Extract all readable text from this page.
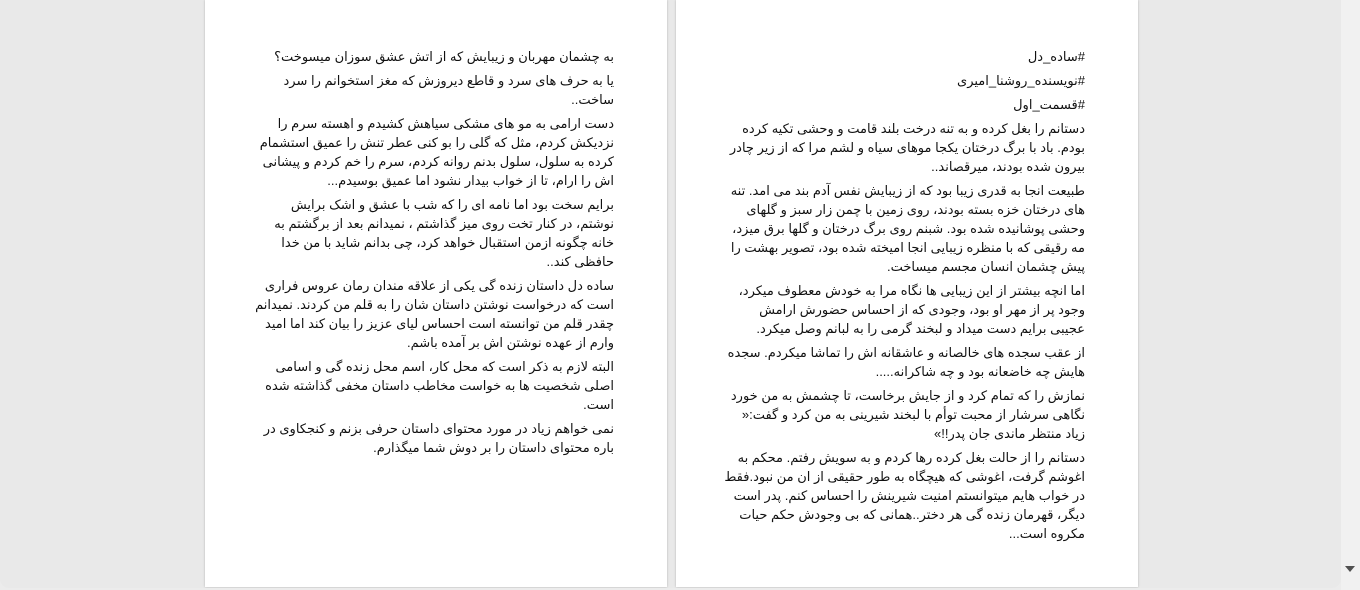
به چشمان مهربان و زیبایش که از اتش عشق سوزان میسوخت؟

یا به حرف های سرد و قاطع دیروزش که مغز استخوانم را سرد ساخت..

دست ارامی به مو های مشکی سیاهش کشیدم و اهسته سرم را نزدیکش کردم، مثل که گلی را بو کنی عطر تنش را عمیق استشمام کرده به سلول، سلول بدنم روانه کردم، سرم را خم کردم و پیشانی اش را ارام، تا از خواب بیدار نشود اما عمیق بوسیدم...

برایم سخت بود اما نامه ای را که شب با عشق و اشک برایش نوشتم، در کنار تخت روی میز گذاشتم ، نمیدانم بعد از برگشتم به خانه چگونه ازمن استقبال خواهد کرد، چی بدانم شاید با من خدا حافظی کند..

ساده دل داستان زنده گی یکی از علاقه مندان رمان عروس فراری است که درخواست نوشتن داستان شان را به قلم من کردند. نمیدانم چقدر قلم من توانسته است احساس لیای عزیز را بیان کند اما امید وارم از عهده نوشتن اش بر آمده باشم.

البته لازم به ذکر است که محل کار، اسم محل زنده گی و اسامی اصلی شخصیت ها به خواست مخاطب داستان مخفی گذاشته شده است.

نمی خواهم زیاد در مورد محتوای داستان حرفی بزنم و کنجکاوی در باره محتوای داستان را بر دوش شما میگذارم.

#ساده_دل

#نویسنده_روشنا_امیری

#قسمت_اول

دستانم را بغل کرده و به تنه درخت بلند قامت و وحشی تکیه کرده بودم. باد با برگ درختان یکجا موهای سیاه و لشم مرا که از زیر چادر بیرون شده بودند، میرقصاند..

طبیعت انجا به قدری زیبا بود که از زیبایش نفس آدم بند می امد. تنه های درختان خزه بسته بودند، روی زمین با چمن زار سبز و گلهای وحشی پوشانیده شده بود. شبنم روی برگ درختان و گلها برق میزد، مه رقیقی که با منظره زیبایی انجا امیخته شده بود، تصویر بهشت را پیش چشمان انسان مجسم میساخت.

اما انچه بیشتر از این زیبایی ها نگاه مرا به خودش معطوف میکرد، وجود پر از مهر او بود، وجودی که از احساس حضورش ارامش عجیبی برایم دست میداد و لبخند گرمی را به لبانم وصل میکرد.

از عقب سجده های خالصانه و عاشقانه اش را تماشا میکردم. سجده هایش چه خاضعانه بود و چه شاکرانه.....

نمازش را که تمام کرد و از جایش برخاست، تا چشمش به من خورد نگاهی سرشار از محبت توأم با لبخند شیرینی به من کرد و گفت:« زیاد منتظر ماندی جان پدر!!»

دستانم را از حالت بغل کرده رها کردم و به سویش رفتم. محکم به اغوشم گرفت، اغوشی که هیچگاه به طور حقیقی از ان من نبود.فقط در خواب هایم میتوانستم امنیت شیرینش را احساس کنم. پدر است دیگر، قهرمان زنده گی هر دختر..همانی که بی وجودش حکم حیات مکروه است...
